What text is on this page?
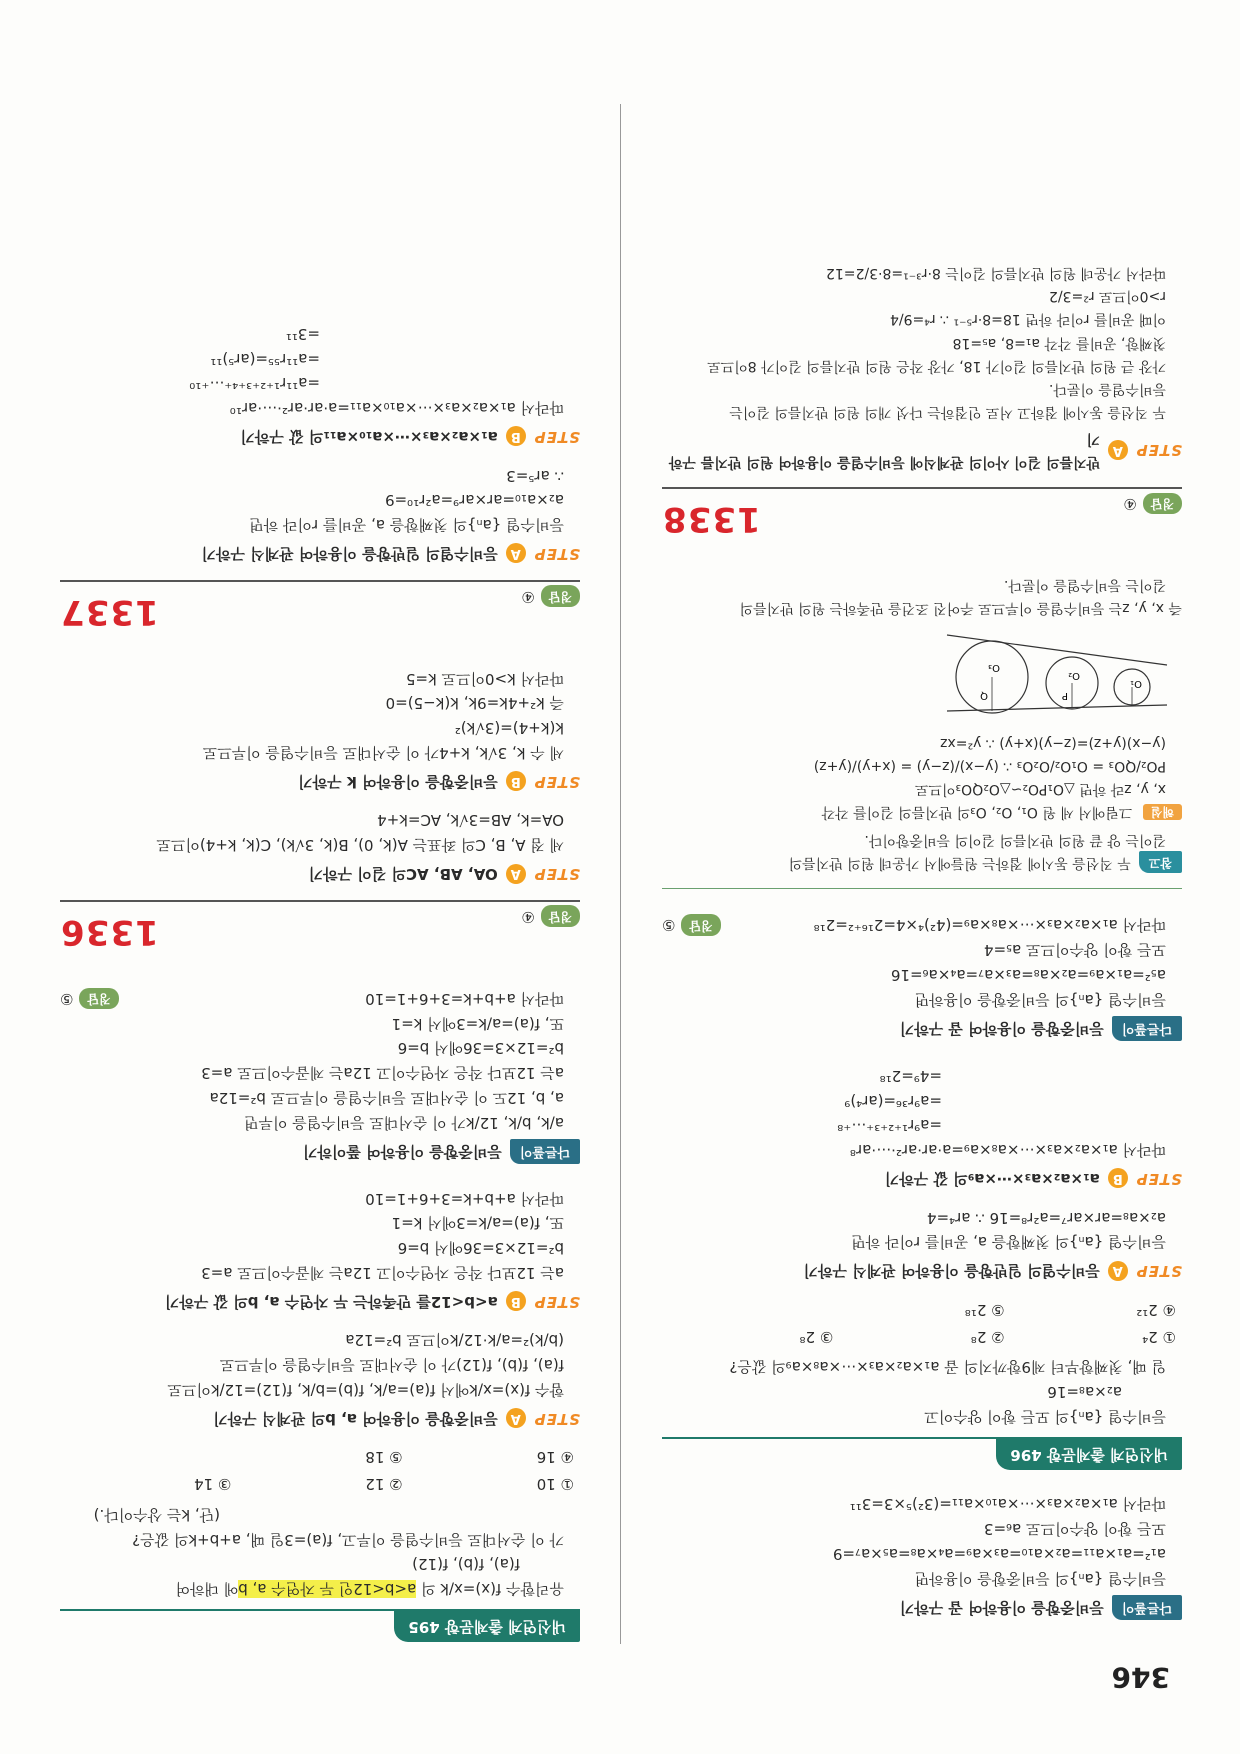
346
다른풀이
등비중항을 이용하여 곱 구하기
등비수열 {aₙ}의 등비중항을 이용하면
a₁²=a₁×a₁₁=a₂×a₁₀=a₃×a₉=a₄×a₈=a₅×a₇=9
모든 항이 양수이므로 a₆=3
따라서 a₁×a₂×a₃×⋯×a₁₀×a₁₁=(3²)⁵×3=3¹¹
내신연계 출제문항 496
등비수열 {aₙ}의 모든 항이 양수이고
a₂×a₈=16
일 때, 첫째항부터 제9항까지의 곱 a₁×a₂×a₃×⋯×a₈×a₉의 값은?
① 2⁴
② 2⁸
③ 2⁸
④ 2¹²
⑤ 2¹⁸
STEP
A
등비수열의 일반항을 이용하여 관계식 구하기
등비수열 {aₙ}의 첫째항을 a, 공비를 r이라 하면
a₂×a₈=ar×ar⁷=a²r⁸=16 ∴ ar⁴=4
STEP
B
a₁×a₂×a₃×⋯×a₉의 값 구하기
따라서 a₁×a₂×a₃×⋯×a₈×a₉=a·ar·ar²·⋯·ar⁸
=a⁹r¹⁺²⁺³⁺⋯⁺⁸
=a⁹r³⁶=(ar⁴)⁹
=4⁹=2¹⁸
다른풀이
등비중항을 이용하여 곱 구하기
등비수열 {aₙ}의 등비중항을 이용하면
a₅²=a₁×a₉=a₂×a₈=a₃×a₇=a₄×a₆=16
모든 항이 양수이므로 a₅=4
따라서 a₁×a₂×a₃×⋯×a₈×a₉=(4²)⁴×4=2¹⁶⁺²=2¹⁸
정답
⑤
참고
두 직선을 동시에 접하는 원들에서 가운데 원의 반지름의
길이는 양 끝 원의 반지름의 길이의 등비중항이다.
해설 그림에서 세 원 O₁, O₂, O₃의 반지름의 길이를 각각
x, y, z라 하면 △O₁PO₂∽△O₂QO₃이므로
PO₂/QO₃ = O₁O₂/O₂O₃ ∴ (y−x)/(z−y) = (x+y)/(y+z)
(y−x)(y+z)=(z−y)(x+y) ∴ y²=xz
O₁
O₂
O₃
P
Q
즉 x, y, z는 등비수열을 이루므로 주어진 조건을 만족하는 원의 반지름의
길이는 등비수열을 이룬다.
정답
④
1338
STEP
A
반지름의 길이 사이의 관계식에 등비수열을 이용하여 원의 반지름 구하기
두 직선을 동시에 접하고 서로 인접하는 다섯 개의 원의 반지름의 길이는
등비수열을 이룬다.
가장 큰 원의 반지름의 길이가 18, 가장 작은 원의 반지름의 길이가 8이므로
첫째항, 공비를 각각 a₁=8, a₅=18
이때 공비를 r이라 하면 18=8·r⁵⁻¹ ∴ r⁴=9/4
r>0이므로 r²=3/2
따라서 가운데 원의 반지름의 길이는 8·r³⁻¹=8·3/2=12
내신연계 출제문항 495
유리함수 f(x)=x/k 의 a<b<12인 두 자연수 a, b에 대하여
f(a), f(b), f(12)
가 이 순서대로 등비수열을 이루고, f(a)=3일 때, a+b+k의 값은?
(단, k는 상수이다.)
① 10
② 12
③ 14
④ 16
⑤ 18
STEP
A
등비중항을 이용하여 a, b의 관계식 구하기
함수 f(x)=x/k에서 f(a)=a/k, f(b)=b/k, f(12)=12/k이므로
f(a), f(b), f(12)가 이 순서대로 등비수열을 이루므로
(b/k)²=a/k·12/k이므로 b²=12a
STEP
B
a<b<12를 만족하는 두 자연수 a, b의 값 구하기
a는 12보다 작은 자연수이고 12a는 제곱수이므로 a=3
b²=12×3=36에서 b=6
또, f(a)=a/k=3에서 k=1
따라서 a+b+k=3+6+1=10
다른풀이
등비중항을 이용하여 풀이하기
a/k, b/k, 12/k가 이 순서대로 등비수열을 이루면
a, b, 12도 이 순서대로 등비수열을 이루므로 b²=12a
a는 12보다 작은 자연수이고 12a는 제곱수이므로 a=3
b²=12×3=36에서 b=6
또, f(a)=a/k=3에서 k=1
따라서 a+b+k=3+6+1=10
정답
⑤
정답
④
1336
STEP
A
OA, AB, AC의 길이 구하기
세 점 A, B, C의 좌표는 A(k, 0), B(k, 3√k), C(k, k+4)이므로
OA=k, AB=3√k, AC=k+4
STEP
B
등비중항을 이용하여 k 구하기
세 수 k, 3√k, k+4가 이 순서대로 등비수열을 이루므로
k(k+4)=(3√k)²
즉 k²+4k=9k, k(k−5)=0
따라서 k>0이므로 k=5
정답
④
1337
STEP
A
등비수열의 일반항을 이용하여 관계식 구하기
등비수열 {aₙ}의 첫째항을 a, 공비를 r이라 하면
a₂×a₁₀=ar×ar⁹=a²r¹⁰=9
∴ ar⁵=3
STEP
B
a₁×a₂×a₃×⋯×a₁₀×a₁₁의 값 구하기
따라서 a₁×a₂×a₃×⋯×a₁₀×a₁₁=a·ar·ar²·⋯·ar¹⁰
=a¹¹r¹⁺²⁺³⁺⁴⁺⋯⁺¹⁰
=a¹¹r⁵⁵=(ar⁵)¹¹
=3¹¹
